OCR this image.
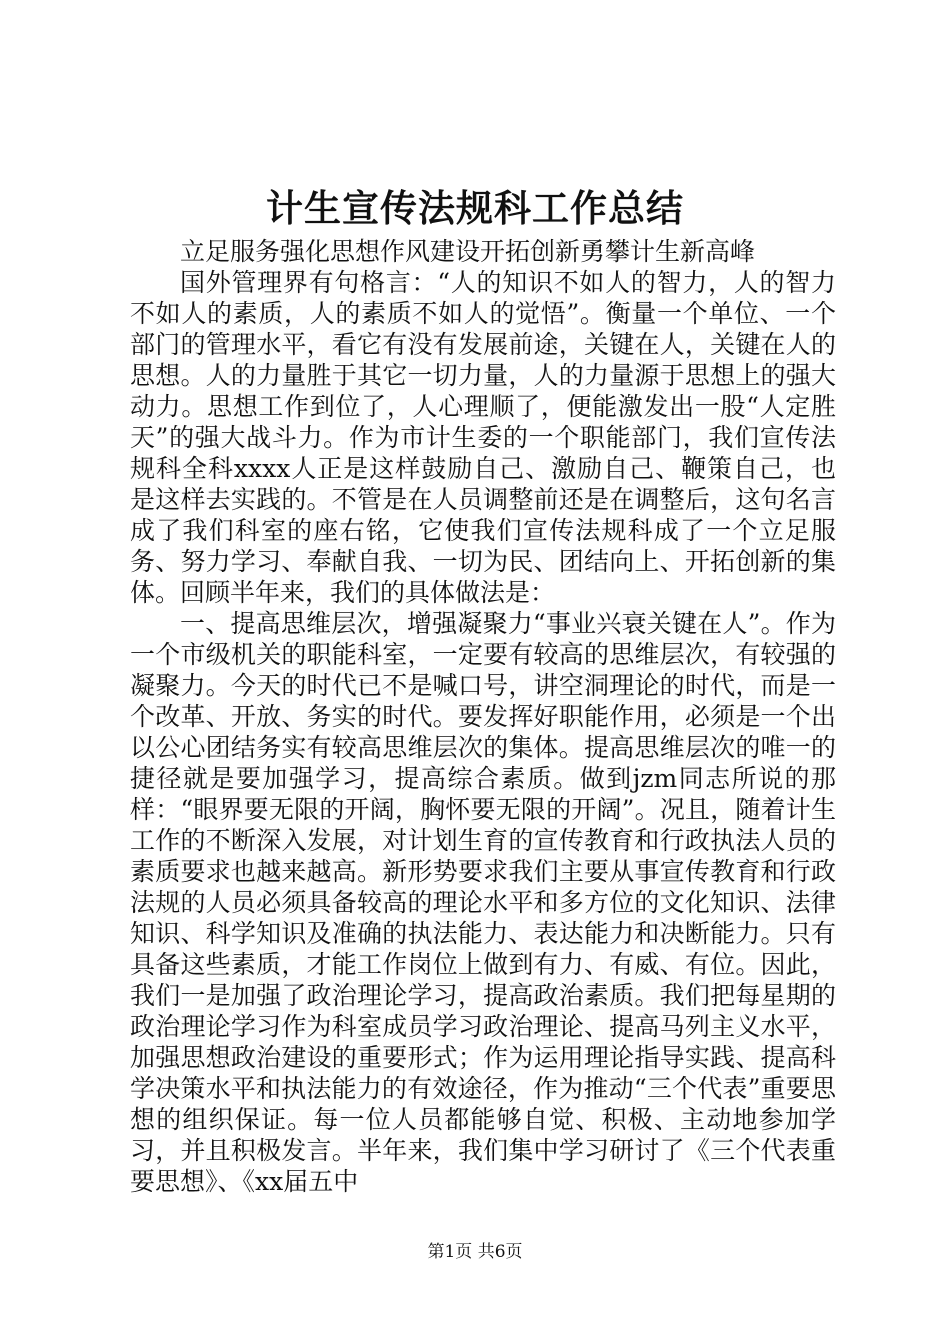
计生宣传法规科工作总结

立足服务强化思想作风建设开拓创新勇攀计生新高峰

国外管理界有句格言：“人的知识不如人的智力，人的智力不如人的素质，人的素质不如人的觉悟”。衡量一个单位、一个部门的管理水平，看它有没有发展前途，关键在人，关键在人的思想。人的力量胜于其它一切力量，人的力量源于思想上的强大动力。思想工作到位了，人心理顺了，便能激发出一股“人定胜天”的强大战斗力。作为市计生委的一个职能部门，我们宣传法规科全科xxxx人正是这样鼓励自己、激励自己、鞭策自己，也是这样去实践的。不管是在人员调整前还是在调整后，这句名言成了我们科室的座右铭，它使我们宣传法规科成了一个立足服务、努力学习、奉献自我、一切为民、团结向上、开拓创新的集体。回顾半年来，我们的具体做法是：

一、提高思维层次，增强凝聚力“事业兴衰关键在人”。作为一个市级机关的职能科室，一定要有较高的思维层次，有较强的凝聚力。今天的时代已不是喊口号，讲空洞理论的时代，而是一个改革、开放、务实的时代。要发挥好职能作用，必须是一个出以公心团结务实有较高思维层次的集体。提高思维层次的唯一的捷径就是要加强学习，提高综合素质。做到jzm同志所说的那样：“眼界要无限的开阔，胸怀要无限的开阔”。况且，随着计生工作的不断深入发展，对计划生育的宣传教育和行政执法人员的素质要求也越来越高。新形势要求我们主要从事宣传教育和行政法规的人员必须具备较高的理论水平和多方位的文化知识、法律知识、科学知识及准确的执法能力、表达能力和决断能力。只有具备这些素质，才能工作岗位上做到有力、有威、有位。因此，我们一是加强了政治理论学习，提高政治素质。我们把每星期的政治理论学习作为科室成员学习政治理论、提高马列主义水平，加强思想政治建设的重要形式；作为运用理论指导实践、提高科学决策水平和执法能力的有效途径，作为推动“三个代表”重要思想的组织保证。每一位人员都能够自觉、积极、主动地参加学习，并且积极发言。半年来，我们集中学习研讨了《三个代表重要思想》、《xx届五中

第1页 共6页
